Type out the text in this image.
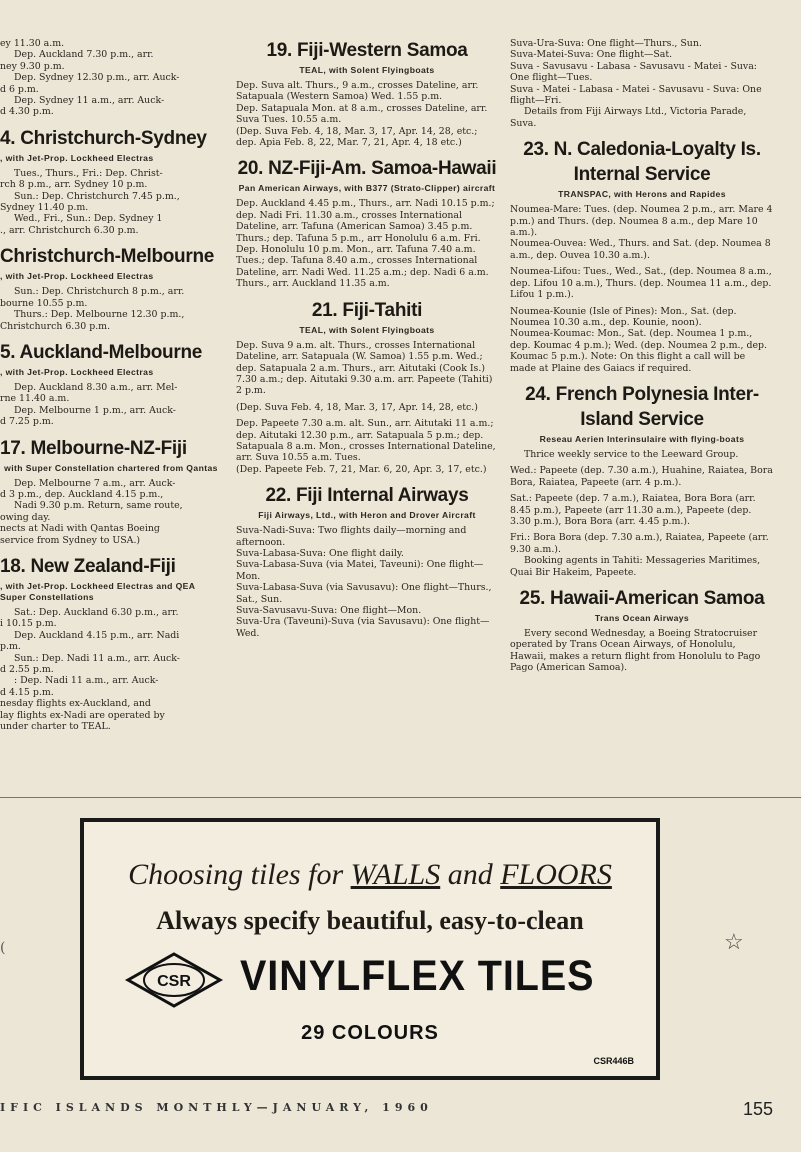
ey 11.30 a.m.

Dep. Auckland 7.30 p.m., arr.

ney 9.30 p.m.

Dep. Sydney 12.30 p.m., arr. Auck-

d 6 p.m.

Dep. Sydney 11 a.m., arr. Auck-

d 4.30 p.m.

4. Christchurch-Sydney
, with Jet-Prop. Lockheed Electras

Tues., Thurs., Fri.: Dep. Christ-

rch 8 p.m., arr. Sydney 10 p.m.

Sun.: Dep. Christchurch 7.45 p.m.,

Sydney 11.40 p.m.

Wed., Fri., Sun.: Dep. Sydney 1

., arr. Christchurch 6.30 p.m.

Christchurch-Melbourne
, with Jet-Prop. Lockheed Electras

Sun.: Dep. Christchurch 8 p.m., arr.

bourne 10.55 p.m.

Thurs.: Dep. Melbourne 12.30 p.m.,

Christchurch 6.30 p.m.

5. Auckland-Melbourne
, with Jet-Prop. Lockheed Electras

Dep. Auckland 8.30 a.m., arr. Mel-

rne 11.40 a.m.

Dep. Melbourne 1 p.m., arr. Auck-

d 7.25 p.m.

17. Melbourne-NZ-Fiji
with Super Constellation chartered from Qantas

Dep. Melbourne 7 a.m., arr. Auck-

d 3 p.m., dep. Auckland 4.15 p.m.,

Nadi 9.30 p.m. Return, same route,

owing day.

nects at Nadi with Qantas Boeing

service from Sydney to USA.)

18. New Zealand-Fiji
, with Jet-Prop. Lockheed Electras and QEA Super Constellations

Sat.: Dep. Auckland 6.30 p.m., arr.

i 10.15 p.m.

Dep. Auckland 4.15 p.m., arr. Nadi

p.m.

Sun.: Dep. Nadi 11 a.m., arr. Auck-

d 2.55 p.m.

: Dep. Nadi 11 a.m., arr. Auck-

d 4.15 p.m.

nesday flights ex-Auckland, and

lay flights ex-Nadi are operated by

under charter to TEAL.

19. Fiji-Western Samoa
TEAL, with Solent Flyingboats

Dep. Suva alt. Thurs., 9 a.m., crosses Dateline, arr. Satapuala (Western Samoa) Wed. 1.55 p.m.

Dep. Satapuala Mon. at 8 a.m., crosses Dateline, arr. Suva Tues. 10.55 a.m.

(Dep. Suva Feb. 4, 18, Mar. 3, 17, Apr. 14, 28, etc.; dep. Apia Feb. 8, 22, Mar. 7, 21, Apr. 4, 18 etc.)

20. NZ-Fiji-Am. Samoa-Hawaii
Pan American Airways, with B377 (Strato-Clipper) aircraft

Dep. Auckland 4.45 p.m., Thurs., arr. Nadi 10.15 p.m.; dep. Nadi Fri. 11.30 a.m., crosses International Dateline, arr. Tafuna (American Samoa) 3.45 p.m. Thurs.; dep. Tafuna 5 p.m., arr Honolulu 6 a.m. Fri.

Dep. Honolulu 10 p.m. Mon., arr. Tafuna 7.40 a.m. Tues.; dep. Tafuna 8.40 a.m., crosses International Dateline, arr. Nadi Wed. 11.25 a.m.; dep. Nadi 6 a.m. Thurs., arr. Auckland 11.35 a.m.

21. Fiji-Tahiti
TEAL, with Solent Flyingboats

Dep. Suva 9 a.m. alt. Thurs., crosses International Dateline, arr. Satapuala (W. Samoa) 1.55 p.m. Wed.; dep. Satapuala 2 a.m. Thurs., arr. Aitutaki (Cook Is.) 7.30 a.m.; dep. Aitutaki 9.30 a.m. arr. Papeete (Tahiti) 2 p.m.

(Dep. Suva Feb. 4, 18, Mar. 3, 17, Apr. 14, 28, etc.)

Dep. Papeete 7.30 a.m. alt. Sun., arr. Aitutaki 11 a.m.; dep. Aitutaki 12.30 p.m., arr. Satapuala 5 p.m.; dep. Satapuala 8 a.m. Mon., crosses International Dateline, arr. Suva 10.55 a.m. Tues.

(Dep. Papeete Feb. 7, 21, Mar. 6, 20, Apr. 3, 17, etc.)

22. Fiji Internal Airways
Fiji Airways, Ltd., with Heron and Drover Aircraft

Suva-Nadi-Suva: Two flights daily—morning and afternoon.

Suva-Labasa-Suva: One flight daily.

Suva-Labasa-Suva (via Matei, Taveuni): One flight—Mon.

Suva-Labasa-Suva (via Savusavu): One flight—Thurs., Sat., Sun.

Suva-Savusavu-Suva: One flight—Mon.

Suva-Ura (Taveuni)-Suva (via Savusavu): One flight—Wed.

Suva-Ura-Suva: One flight—Thurs., Sun.

Suva-Matei-Suva: One flight—Sat.

Suva - Savusavu - Labasa - Savusavu - Matei - Suva: One flight—Tues.

Suva - Matei - Labasa - Matei - Savusavu - Suva: One flight—Fri.

Details from Fiji Airways Ltd., Victoria Parade, Suva.

23. N. Caledonia-Loyalty Is. Internal Service
TRANSPAC, with Herons and Rapides

Noumea-Mare: Tues. (dep. Noumea 2 p.m., arr. Mare 4 p.m.) and Thurs. (dep. Noumea 8 a.m., dep Mare 10 a.m.).

Noumea-Ouvea: Wed., Thurs. and Sat. (dep. Noumea 8 a.m., dep. Ouvea 10.30 a.m.).

Noumea-Lifou: Tues., Wed., Sat., (dep. Noumea 8 a.m., dep. Lifou 10 a.m.), Thurs. (dep. Noumea 11 a.m., dep. Lifou 1 p.m.).

Noumea-Kounie (Isle of Pines): Mon., Sat. (dep. Noumea 10.30 a.m., dep. Kounie, noon).

Noumea-Koumac: Mon., Sat. (dep. Noumea 1 p.m., dep. Koumac 4 p.m.); Wed. (dep. Noumea 2 p.m., dep. Koumac 5 p.m.). Note: On this flight a call will be made at Plaine des Gaiacs if required.

24. French Polynesia Inter-Island Service
Reseau Aerien Interinsulaire with flying-boats

Thrice weekly service to the Leeward Group.

Wed.: Papeete (dep. 7.30 a.m.), Huahine, Raiatea, Bora Bora, Raiatea, Papeete (arr. 4 p.m.).

Sat.: Papeete (dep. 7 a.m.), Raiatea, Bora Bora (arr. 8.45 p.m.), Papeete (arr 11.30 a.m.), Papeete (dep. 3.30 p.m.), Bora Bora (arr. 4.45 p.m.).

Fri.: Bora Bora (dep. 7.30 a.m.), Raiatea, Papeete (arr. 9.30 a.m.).

Booking agents in Tahiti: Messageries Maritimes, Quai Bir Hakeim, Papeete.

25. Hawaii-American Samoa
Trans Ocean Airways

Every second Wednesday, a Boeing Stratocruiser operated by Trans Ocean Airways, of Honolulu, Hawaii, makes a return flight from Honolulu to Pago Pago (American Samoa).

Choosing tiles for WALLS and FLOORS
Always specify beautiful, easy-to-clean
CSR VINYLFLEX TILES
29 COLOURS
CSR446B
☆
(
IFIC ISLANDS MONTHLY—JANUARY, 1960	155
